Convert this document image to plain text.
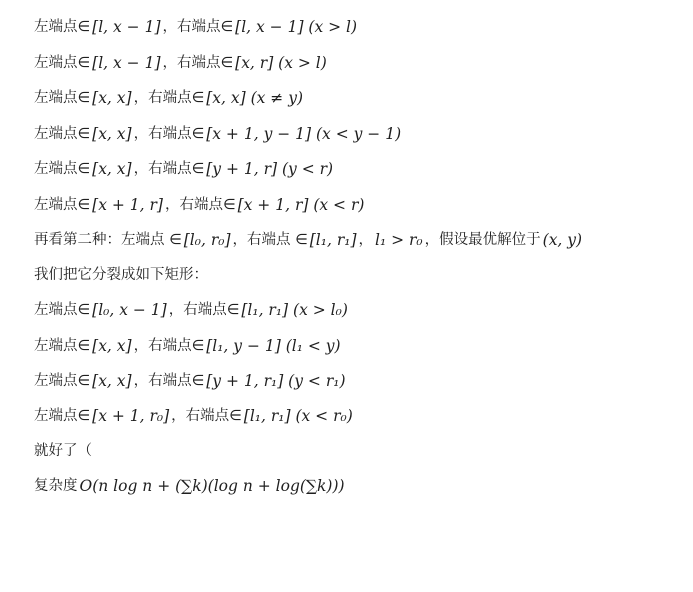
左端点∈ [l, x − 1] ，右端点∈ [l, x − 1] (x > l)
左端点∈ [l, x − 1] ，右端点∈ [x, r] (x > l)
左端点∈ [x, x] ，右端点∈ [x, x] (x ≠ y)
左端点∈ [x, x] ，右端点∈ [x + 1, y − 1] (x < y − 1)
左端点∈ [x, x] ，右端点∈ [y + 1, r] (y < r)
左端点∈ [x + 1, r] ，右端点∈ [x + 1, r] (x < r)
再看第二种：左端点 ∈ [l₀, r₀] ，右端点 ∈ [l₁, r₁] ， l₁ > r₀ ，假设最优解位于 (x, y)
我们把它分裂成如下矩形：
左端点∈ [l₀, x − 1] ，右端点∈ [l₁, r₁] (x > l₀)
左端点∈ [x, x] ，右端点∈ [l₁, y − 1] (l₁ < y)
左端点∈ [x, x] ，右端点∈ [y + 1, r₁] (y < r₁)
左端点∈ [x + 1, r₀] ，右端点∈ [l₁, r₁] (x < r₀)
就好了（
复杂度 O(n log n + (∑k)(log n + log(∑k)))
